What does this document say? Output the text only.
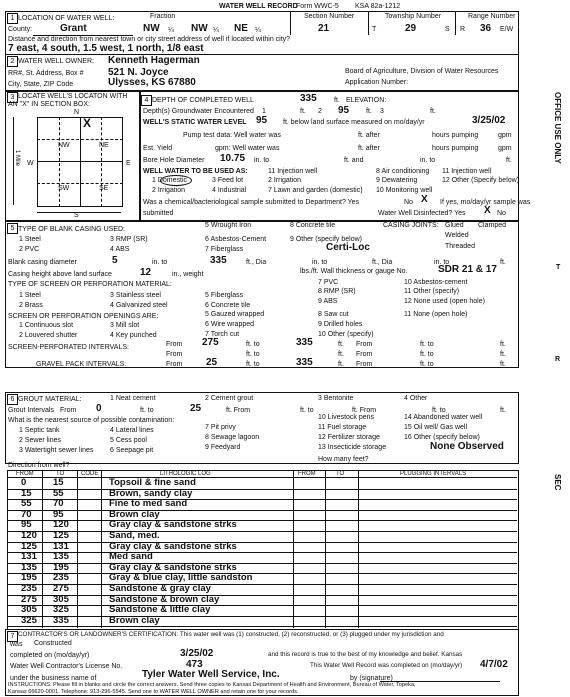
WATER WELL RECORD
Form WWC-5 KSA 82a-1212
1 LOCATION OF WATER WELL:
County:	Grant
Fraction
NW ¼ NW ¼ NE ¼
Section Number
21
Township Number
T	29	S
Range Number
R 36 E/W
Distance and direction from nearest town or city street address of well if located within city?
7 east, 4 south, 1.5 west, 1 north, 1/8 east
2 WATER WELL OWNER: Kenneth Hagerman
RR#, St. Address, Box # 521 N. Joyce
City, State, ZIP Code	Ulysses, KS 67880
Board of Agriculture, Division of Water Resources
Application Number:
3 LOCATE WELL'S LOCATON WITH
AN "X" IN SECTION BOX:
N
S
W	E
X
NW	NE
SW	SE
1 Mile
4 DEPTH OF COMPLETED WELL	335 ft. ELEVATION:
Depth(s) Groundwater Encountered 1	ft. 2 95 ft. 3	ft.
WELL'S STATIC WATER LEVEL 95 ft. below land surface measured on mo/day/yr	3/25/02
Pump test data: Well water was	ft. after	hours pumping	gpm
Est. Yield	gpm: Well water was	ft. after	hours pumping	gpm
Bore Hole Diameter 10.75 in. to	ft. and	in. to	ft.
WELL WATER TO BE USED AS:	11 Injection well	8 Air conditioning 11 Injection well
1 Domestic	3 Feed lot	2 Irrigation	9 Dewatering	12 Other (Specify below)
2 Irrigation	4 Industrial	7 Lawn and garden (domestic) 10 Monitoring well
Was a chemical/bacteriological sample submitted to Department? Yes	No X If yes, mo/day/yr sample was
submitted	Water Well Disinfected? Yes X No
5 TYPE OF BLANK CASING USED:
5 Wrought Iron	8 Concrete tile	CASING JOINTS: Glued Clamped
1 Steel	3 RMP (SR)	6 Asbestos-Cement	9 Other (specify below)
Welded
2 PVC	4 ABS	7 Fiberglass	Certi-Loc	Threaded
Blank casing diameter	5	in. to	335	ft., Dia	in. to	ft., Dia	in. to	ft.
Casing height above land surface	12	in., weight	lbs./ft. Wall thickness or gauge No.	SDR 21 & 17
TYPE OF SCREEN OR PERFORATION MATERIAL:	7 PVC	10 Asbestos-cement
1 Steel	3 Stainless steel	5 Fiberglass
8 RMP (SR)	11 Other (specify)
2 Brass	4 Galvanized steel	6 Concrete tile
9 ABS	12 None used (open hole)
SCREEN OR PERFORATION OPENINGS ARE:	5 Gauzed wrapped	8 Saw cut	11 None (open hole)
1 Continuous slot	3 Mill slot	6 Wire wrapped	9 Drilled holes
2 Louvered shutter	4 Key punched	7 Torch cut	10 Other (specify)
SCREEN-PERFORATED INTERVALS:	From 275	ft. to	335	ft. From	ft. to	ft.
From	ft. to	ft. From	ft. to	ft.
GRAVEL PACK INTERVALS:	From 25	ft. to	335	ft. From	ft. to	ft.
6 GROUT MATERIAL:	1 Neat cement	2 Cement grout	3 Bentonite	4 Other
Grout Intervals From 0	ft. to	25	ft. From	ft. to	ft. From	ft. to	ft.
What is the nearest source of possible contamination:	10 Livestock pens	14 Abandoned water well
1 Septic tank	4 Lateral lines	7 Pit privy	11 Fuel storage	15 Oil well/ Gas well
2 Sewer lines	5 Cess pool	8 Sewage lagoon	12 Fertilizer storage	16 Other (specify below)
3 Watertight sewer lines 6 Seepage pit	9 Feedyard	13 Insecticide storage	None Observed
Direction from well?
How many feet?
FROM	TO	CODE	LITHOLOGIC LOG	FROM	TO	PLUGGING INTERVALS
0	15	Topsoil & fine sand
15 55	Brown, sandy clay
55 70	Fine to med sand
70 95	Brown clay
95 120	Gray clay & sandstone strks
120 125	Sand, med.
125 131	Gray clay & sandstone strks
131 135	Med sand
135 195	Gray clay & sandstone strks
195 235	Gray & blue clay, little sandston
235 275	Sandstone & gray clay
275 305	Sandstone & brown clay
305 325	Sandstone & little clay
325 335	Brown clay
7 CONTRACTOR'S OR LANDOWNER'S CERTIFICATION: This water well was (1) constructed, (2) reconstructed, or (3) plugged under my jurisdiction and
was Constructed
completed on (mo/day/yr)	3/25/02	and this record is true to the best of my knowledge and belief. Kansas
Water Well Contractor's License No.	473	This Water Well Record was completed on (mo/day/yr) 4/7/02
under the business name of	Tyler Water Well Service, Inc.	by (signature)
INSTRUCTIONS: Please fill in blanks and circle the correct answers. Send three copies to Kansas Department of Health and Environment, Bureau of Water, Topeka,
Kansas 66620-0001. Telephone: 913-296-5545. Send one to WATER WELL OWNER and retain one for your records.
OFFICE USE ONLY
T
R
SEC
